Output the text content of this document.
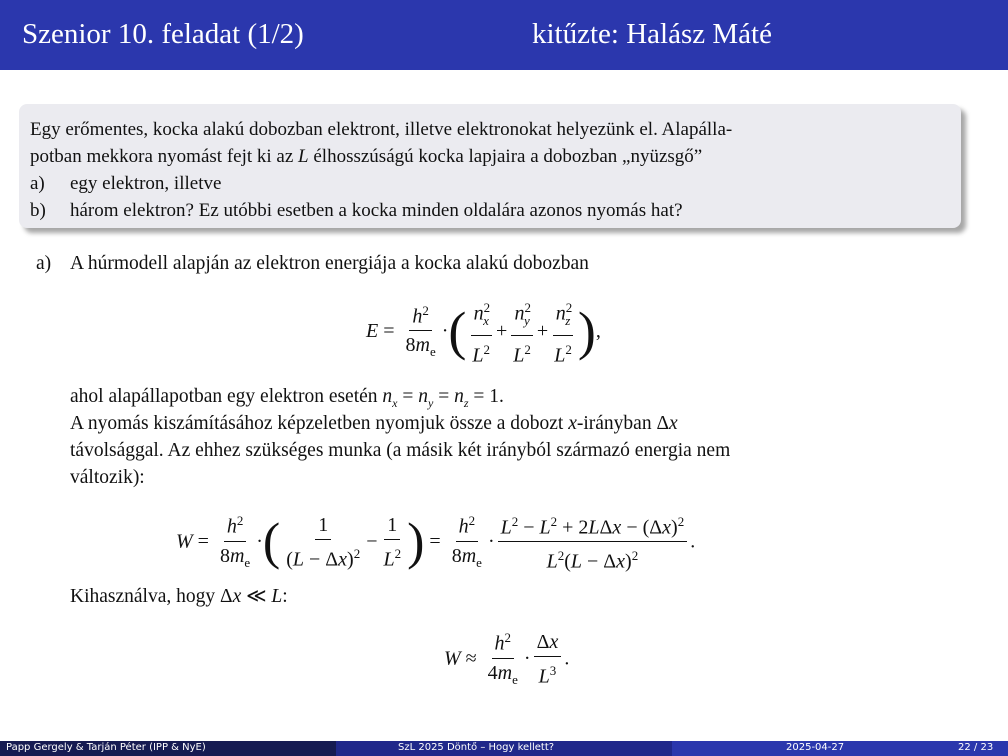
Szenior 10. feladat (1/2)	kitűzte: Halász Máté
Egy erőmentes, kocka alakú dobozban elektront, illetve elektronokat helyezünk el. Alapálla-
potban mekkora nyomást fejt ki az L élhosszúságú kocka lapjaira a dobozban „nyüzsgő”
a) egy elektron, illetve
b) három elektron? Ez utóbbi esetben a kocka minden oldalára azonos nyomás hat?
a) A húrmodell alapján az elektron energiája a kocka alakú dobozban
$E = \frac{h^2}{8m_e}$ ·( $\frac{n^2_x}{L^2} + \frac{n^2_y}{L^2} + \frac{n^2_z}{L^2}$ ),
ahol alapállapotban egy elektron esetén $n_x = n_y = n_z = 1$.
A nyomás kiszámításához képzeletben nyomjuk össze a dobozt x-irányban Δx
távolsággal. Az ehhez szükséges munka (a másik két irányból származó energia nem
változik):
$W = \frac{h^2}{8m_e}$ ·( $\frac{1}{(L - \Delta x)^2} - \frac{1}{L^2}$ ) = $\frac{h^2}{8m_e} \cdot \frac{L^2 - L^2 + 2L\Delta x - (\Delta x)^2}{L^2(L - \Delta x)^2}$ .
Kihasználva, hogy Δx ≪ L:
$W \approx \frac{h^2}{4m_e} \cdot \frac{\Delta x}{L^3}$ .
Papp Gergely & Tarján Péter (IPP & NyE)	SzL 2025 Döntő – Hogy kellett?	2025-04-27	22 / 23
